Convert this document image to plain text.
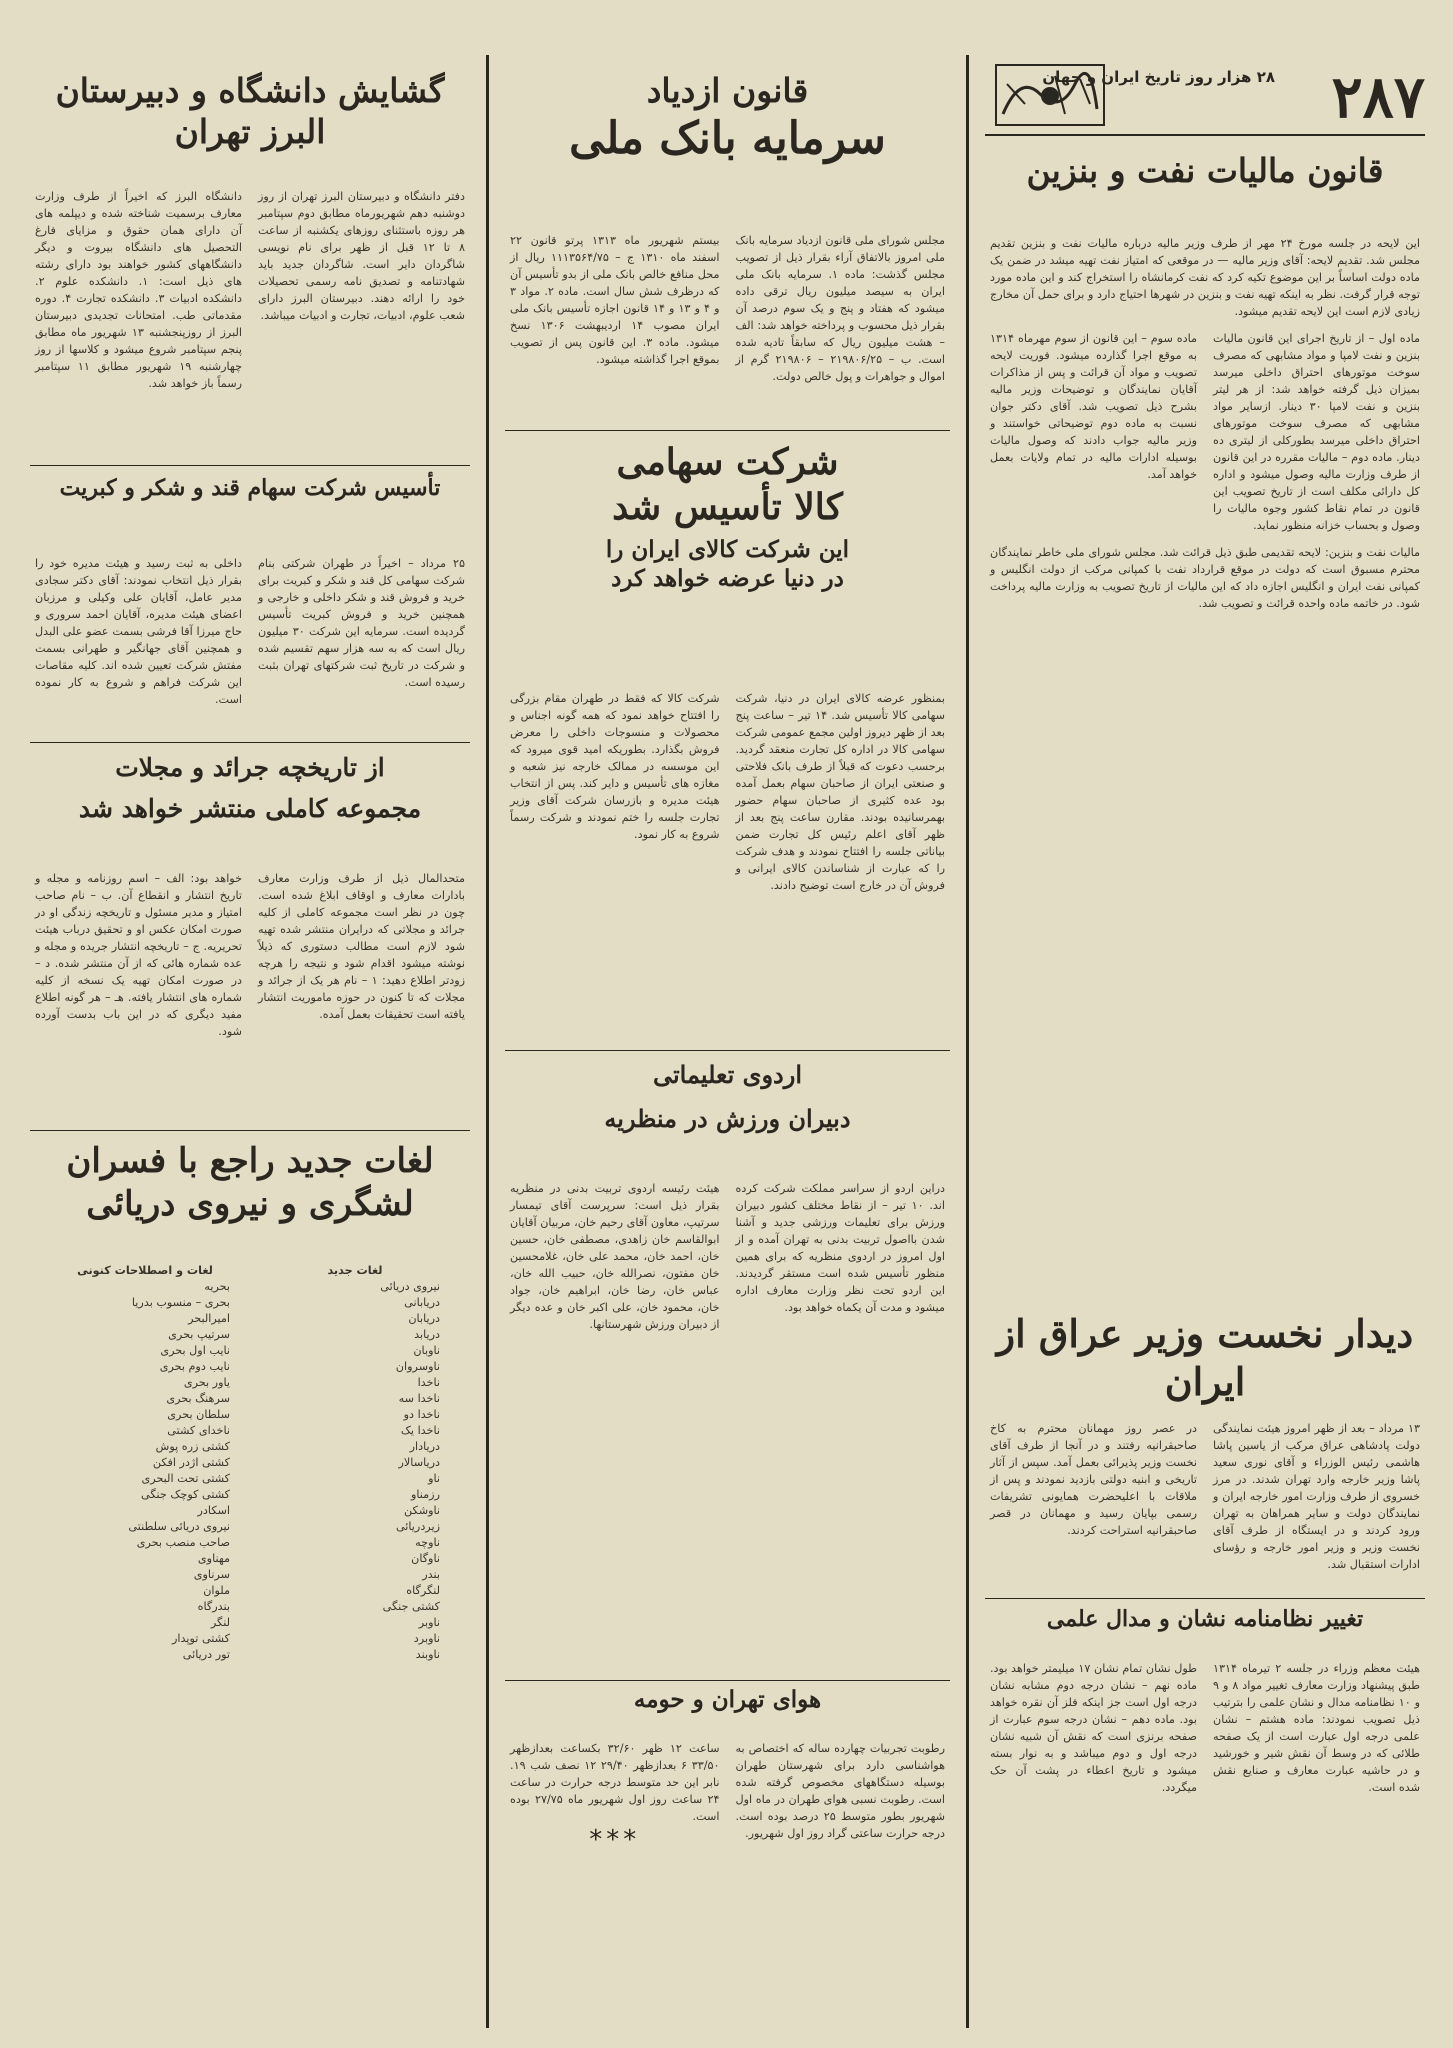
۲۸۷
۲۸ هزار روز تاریخ ایران و جهان
قانون مالیات نفت و بنزین

این لایحه در جلسه مورخ ۲۴ مهر از طرف وزیر مالیه درباره مالیات نفت و بنزین تقدیم مجلس شد. تقدیم لایحه: آقای وزیر مالیه — در موقعی که امتیاز نفت تهیه میشد در ضمن یک ماده دولت اساساً بر این موضوع تکیه کرد که نفت کرمانشاه را استخراج کند و این ماده مورد توجه قرار گرفت. نظر به اینکه تهیه نفت و بنزین در شهرها احتیاج دارد و برای حمل آن مخارج زیادی لازم است این لایحه تقدیم میشود.

ماده اول – از تاریخ اجرای این قانون مالیات بنزین و نفت لامپا و مواد مشابهی که مصرف سوخت موتورهای احتراق داخلی میرسد بمیزان ذیل گرفته خواهد شد: از هر لیتر بنزین و نفت لامپا ۳۰ دینار. ازسایر مواد مشابهی که مصرف سوخت موتورهای احتراق داخلی میرسد بطورکلی از لیتری ده دینار. ماده دوم – مالیات مقرره در این قانون از طرف وزارت مالیه وصول میشود و اداره کل دارائی مکلف است از تاریخ تصویب این قانون در تمام نقاط کشور وجوه مالیات را وصول و بحساب خزانه منظور نماید.

ماده سوم – این قانون از سوم مهرماه ۱۳۱۴ به موقع اجرا گذارده میشود. فوریت لایحه تصویب و مواد آن قرائت و پس از مذاکرات آقایان نمایندگان و توضیحات وزیر مالیه بشرح ذیل تصویب شد. آقای دکتر جوان نسبت به ماده دوم توضیحاتی خواستند و وزیر مالیه جواب دادند که وصول مالیات بوسیله ادارات مالیه در تمام ولایات بعمل خواهد آمد.

مالیات نفت و بنزین: لایحه تقدیمی طبق ذیل قرائت شد. مجلس شورای ملی خاطر نمایندگان محترم مسبوق است که دولت در موقع قرارداد نفت با کمپانی مرکب از دولت انگلیس و کمپانی نفت ایران و انگلیس اجازه داد که این مالیات از تاریخ تصویب به وزارت مالیه پرداخت شود. در خاتمه ماده واحده قرائت و تصویب شد.

دیدار نخست وزیر عراق از ایران

۱۳ مرداد – بعد از ظهر امروز هیئت نمایندگی دولت پادشاهی عراق مرکب از یاسین پاشا هاشمی رئیس الوزراء و آقای نوری سعید پاشا وزیر خارجه وارد تهران شدند. در مرز خسروی از طرف وزارت امور خارجه ایران و نمایندگان دولت و سایر همراهان به تهران ورود کردند و در ایستگاه از طرف آقای نخست وزیر و وزیر امور خارجه و رؤسای ادارات استقبال شد.

در عصر روز مهمانان محترم به کاخ صاحبقرانیه رفتند و در آنجا از طرف آقای نخست وزیر پذیرائی بعمل آمد. سپس از آثار تاریخی و ابنیه دولتی بازدید نمودند و پس از ملاقات با اعلیحضرت همایونی تشریفات رسمی بپایان رسید و مهمانان در قصر صاحبقرانیه استراحت کردند.

تغییر نظامنامه نشان و مدال علمی

هیئت معظم وزراء در جلسه ۲ تیرماه ۱۳۱۴ طبق پیشنهاد وزارت معارف تغییر مواد ۸ و ۹ و ۱۰ نظامنامه مدال و نشان علمی را بترتیب ذیل تصویب نمودند: ماده هشتم – نشان علمی درجه اول عبارت است از یک صفحه طلائی که در وسط آن نقش شیر و خورشید و در حاشیه عبارت معارف و صنایع نقش شده است.

طول نشان تمام نشان ۱۷ میلیمتر خواهد بود. ماده نهم – نشان درجه دوم مشابه نشان درجه اول است جز اینکه فلز آن نقره خواهد بود. ماده دهم – نشان درجه سوم عبارت از صفحه برنزی است که نقش آن شبیه نشان درجه اول و دوم میباشد و به نوار بسته میشود و تاریخ اعطاء در پشت آن حک میگردد.

قانون ازدیاد
سرمایه بانک ملی

مجلس شورای ملی قانون ازدیاد سرمایه بانک ملی امروز بالاتفاق آراء بقرار ذیل از تصویب مجلس گذشت: ماده ۱. سرمایه بانک ملی ایران به سیصد میلیون ریال ترقی داده میشود که هفتاد و پنج و یک سوم درصد آن بقرار ذیل محسوب و پرداخته خواهد شد: الف – هشت میلیون ریال که سابقاً تادیه شده است. ب – ۲۱۹۸۰۶/۲۵ – ۲۱۹۸۰۶ گرم از اموال و جواهرات و پول خالص دولت.

بیستم شهریور ماه ۱۳۱۳ پرتو قانون ۲۲ اسفند ماه ۱۳۱۰ ج – ۱۱۱۳۵۶۴/۷۵ ریال از محل منافع خالص بانک ملی از بدو تأسیس آن که درظرف شش سال است. ماده ۲. مواد ۳ و ۴ و ۱۳ و ۱۴ قانون اجازه تأسیس بانک ملی ایران مصوب ۱۴ اردیبهشت ۱۳۰۶ نسخ میشود. ماده ۳. این قانون پس از تصویب بموقع اجرا گذاشته میشود.

شرکت سهامی
کالا تأسیس شد
این شرکت کالای ایران را
در دنیا عرضه خواهد کرد

بمنظور عرضه کالای ایران در دنیا، شرکت سهامی کالا تأسیس شد. ۱۴ تیر – ساعت پنج بعد از ظهر دیروز اولین مجمع عمومی شرکت سهامی کالا در اداره کل تجارت منعقد گردید. برحسب دعوت که قبلاً از طرف بانک فلاحتی و صنعتی ایران از صاحبان سهام بعمل آمده بود عده کثیری از صاحبان سهام حضور بهمرسانیده بودند. مقارن ساعت پنج بعد از ظهر آقای اعلم رئیس کل تجارت ضمن بیاناتی جلسه را افتتاح نمودند و هدف شرکت را که عبارت از شناساندن کالای ایرانی و فروش آن در خارج است توضیح دادند.

شرکت کالا که فقط در طهران مقام بزرگی را افتتاح خواهد نمود که همه گونه اجناس و محصولات و منسوجات داخلی را معرض فروش بگذارد. بطوریکه امید قوی میرود که این موسسه در ممالک خارجه نیز شعبه و مغازه های تأسیس و دایر کند. پس از انتخاب هیئت مدیره و بازرسان شرکت آقای وزیر تجارت جلسه را ختم نمودند و شرکت رسماً شروع به کار نمود.

اردوی تعلیماتی
دبیران ورزش در منظریه

دراین اردو از سراسر مملکت شرکت کرده اند. ۱۰ تیر – از نقاط مختلف کشور دبیران ورزش برای تعلیمات ورزشی جدید و آشنا شدن بااصول تربیت بدنی به تهران آمده و از اول امروز در اردوی منظریه که برای همین منظور تأسیس شده است مستقر گردیدند. این اردو تحت نظر وزارت معارف اداره میشود و مدت آن یکماه خواهد بود.

هیئت رئیسه اردوی تربیت بدنی در منظریه بقرار ذیل است: سرپرست آقای تیمسار سرتیپ، معاون آقای رحیم خان، مربیان آقایان ابوالقاسم خان زاهدی، مصطفی خان، حسین خان، احمد خان، محمد علی خان، غلامحسین خان مفتون، نصرالله خان، حبیب الله خان، عباس خان، رضا خان، ابراهیم خان، جواد خان، محمود خان، علی اکبر خان و عده دیگر از دبیران ورزش شهرستانها.

هوای تهران و حومه

رطوبت تجربیات چهارده ساله که اختصاص به هواشناسی دارد برای شهرستان طهران بوسیله دستگاههای مخصوص گرفته شده است. رطوبت نسبی هوای طهران در ماه اول شهریور بطور متوسط ۲۵ درصد بوده است. درجه حرارت ساعتی گراد روز اول شهریور.

ساعت ۱۲ ظهر ۳۲/۶۰ بکساعت بعدازظهر ۳۳/۵۰ ۶ بعدازظهر ۲۹/۴۰ ۱۲ نصف شب ۱۹. نابر این حد متوسط درجه حرارت در ساعت ۲۴ ساعت روز اول شهریور ماه ۲۷/۷۵ بوده است.

***
گشایش دانشگاه و دبیرستان
البرز تهران

دفتر دانشگاه و دبیرستان البرز تهران از روز دوشنبه دهم شهریورماه مطابق دوم سپتامبر هر روزه باستثنای روزهای یکشنبه از ساعت ۸ تا ۱۲ قبل از ظهر برای نام نویسی شاگردان دایر است. شاگردان جدید باید شهادتنامه و تصدیق نامه رسمی تحصیلات خود را ارائه دهند. دبیرستان البرز دارای شعب علوم، ادبیات، تجارت و ادبیات میباشد.

دانشگاه البرز که اخیراً از طرف وزارت معارف برسمیت شناخته شده و دیپلمه های آن دارای همان حقوق و مزایای فارغ التحصیل های دانشگاه بیروت و دیگر دانشگاههای کشور خواهند بود دارای رشته های ذیل است: ۱. دانشکده علوم ۲. دانشکده ادبیات ۳. دانشکده تجارت ۴. دوره مقدماتی طب. امتحانات تجدیدی دبیرستان البرز از روزپنجشنبه ۱۳ شهریور ماه مطابق پنجم سپتامبر شروع میشود و کلاسها از روز چهارشنبه ۱۹ شهریور مطابق ۱۱ سپتامبر رسماً باز خواهد شد.

تأسیس شرکت سهام قند و شکر و کبریت

۲۵ مرداد – اخیراً در طهران شرکتی بنام شرکت سهامی کل قند و شکر و کبریت برای خرید و فروش قند و شکر داخلی و خارجی و همچنین خرید و فروش کبریت تأسیس گردیده است. سرمایه این شرکت ۳۰ میلیون ریال است که به سه هزار سهم تقسیم شده و شرکت در تاریخ ثبت شرکتهای تهران بثبت رسیده است.

داخلی به ثبت رسید و هیئت مدیره خود را بقرار ذیل انتخاب نمودند: آقای دکتر سجادی مدیر عامل، آقایان علی وکیلی و مرزبان اعضای هیئت مدیره، آقایان احمد سروری و حاج میرزا آقا فرشی بسمت عضو علی البدل و همچنین آقای جهانگیر و طهرانی بسمت مفتش شرکت تعیین شده اند. کلیه مقاصات این شرکت فراهم و شروع به کار نموده است.

از تاریخچه جرائد و مجلات
مجموعه کاملی منتشر خواهد شد

متحدالمال ذیل از طرف وزارت معارف بادارات معارف و اوقاف ابلاغ شده است. چون در نظر است مجموعه کاملی از کلیه جرائد و مجلاتی که درایران منتشر شده تهیه شود لازم است مطالب دستوری که ذیلاً نوشته میشود اقدام شود و نتیجه را هرچه زودتر اطلاع دهید: ۱ – نام هر یک از جرائد و مجلات که تا کنون در حوزه ماموریت انتشار یافته است تحقیقات بعمل آمده.

خواهد بود: الف – اسم روزنامه و مجله و تاریخ انتشار و انقطاع آن. ب – نام صاحب امتیاز و مدیر مسئول و تاریخچه زندگی او در صورت امکان عکس او و تحقیق درباب هیئت تحریریه. ج – تاریخچه انتشار جریده و مجله و عده شماره هائی که از آن منتشر شده. د – در صورت امکان تهیه یک نسخه از کلیه شماره های انتشار یافته. هـ – هر گونه اطلاع مفید دیگری که در این باب بدست آورده شود.

لغات جدید راجع با فسران
لشگری و نیروی دریائی
لغات جدید
نیروی دریائی
دریابانی
دریابان
دریابد
ناوبان
ناوسروان
ناخدا
ناخدا سه
ناخدا دو
ناخدا یک
دریادار
دریاسالار
ناو
رزمناو
ناوشکن
زیردریائی
ناوچه
ناوگان
بندر
لنگرگاه
کشتی جنگی
ناوبر
ناوبرد
ناوبند
لغات و اصطلاحات کنونی
بحریه
بحری – منسوب بدریا
امیرالبحر
سرتیپ بحری
نایب اول بحری
نایب دوم بحری
یاور بحری
سرهنگ بحری
سلطان بحری
ناخدای کشتی
کشتی زره پوش
کشتی اژدر افکن
کشتی تحت البحری
کشتی کوچک جنگی
اسکادر
نیروی دریائی سلطنتی
صاحب منصب بحری
مهناوی
سرناوی
ملوان
بندرگاه
لنگر
کشتی توپدار
تور دریائی
